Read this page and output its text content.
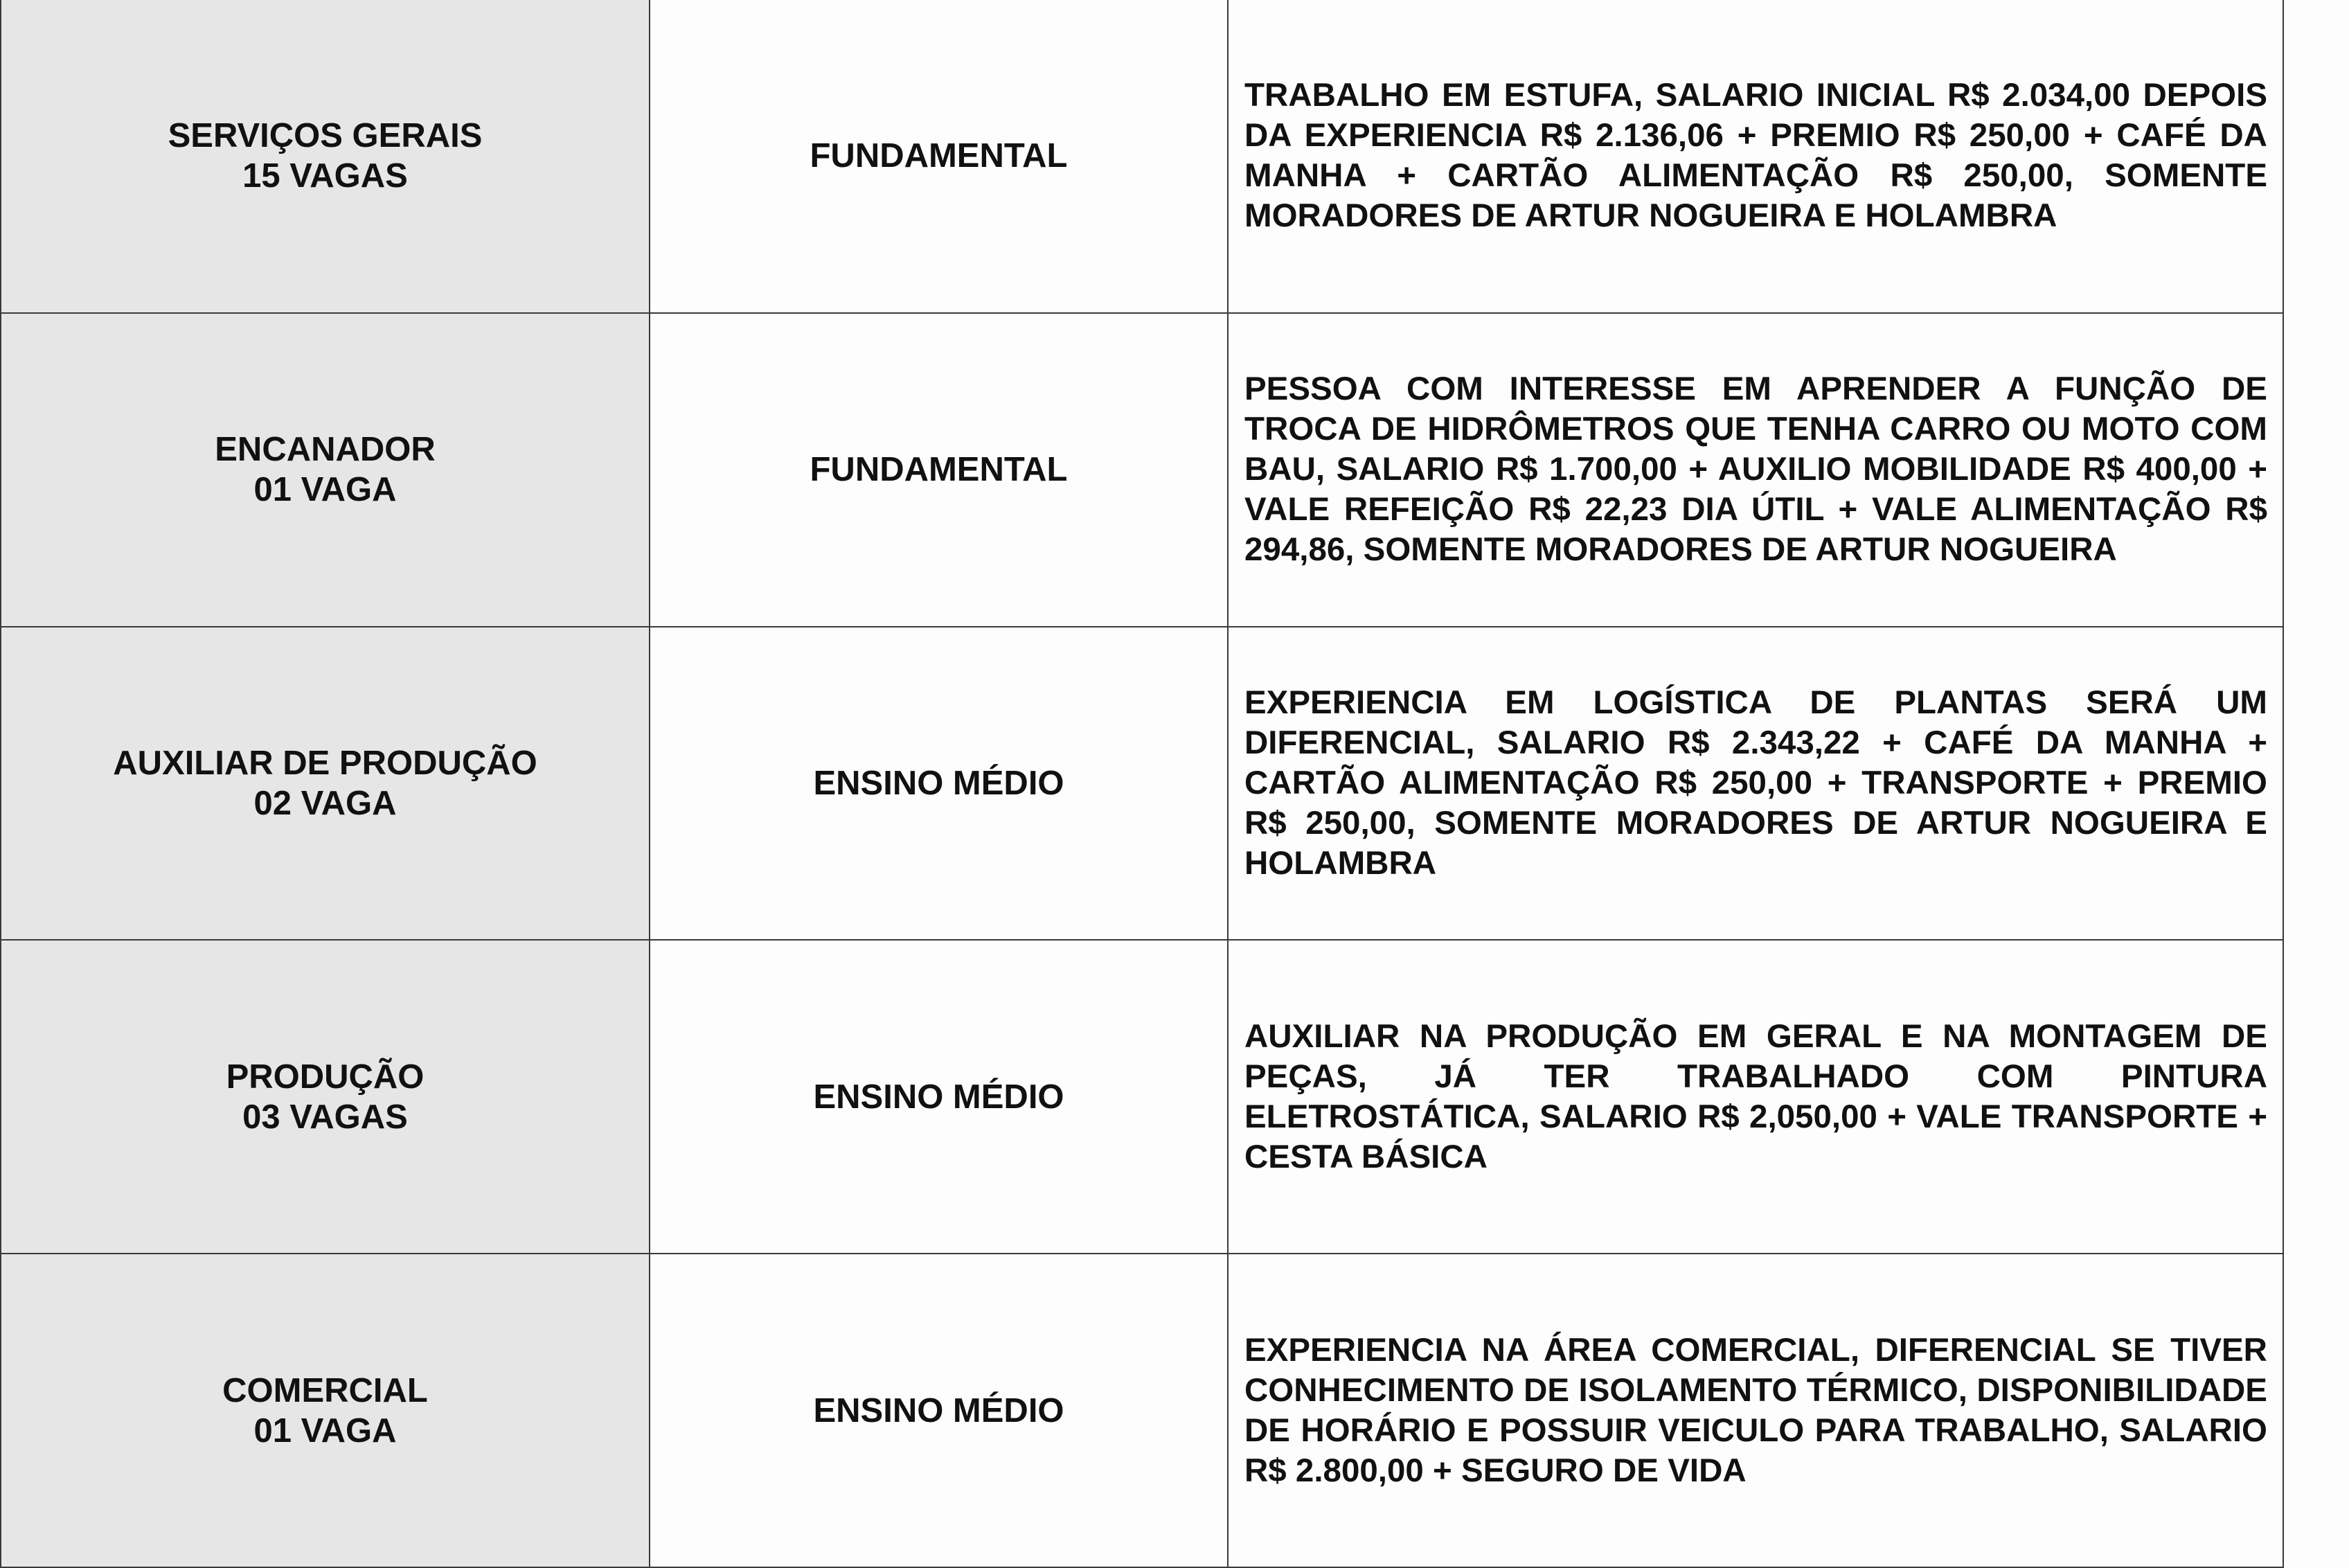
SERVIÇOS GERAIS
15 VAGAS	FUNDAMENTAL	TRABALHO EM ESTUFA, SALARIO INICIAL R$ 2.034,00 DEPOIS DA EXPERIENCIA R$ 2.136,06 + PREMIO R$ 250,00 + CAFÉ DA MANHA + CARTÃO ALIMENTAÇÃO R$ 250,00, SOMENTE MORADORES DE ARTUR NOGUEIRA E HOLAMBRA

ENCANADOR
01 VAGA	FUNDAMENTAL	PESSOA COM INTERESSE EM APRENDER A FUNÇÃO DE TROCA DE HIDRÔMETROS QUE TENHA CARRO OU MOTO COM BAU, SALARIO R$ 1.700,00 + AUXILIO MOBILIDADE R$ 400,00 + VALE REFEIÇÃO R$ 22,23 DIA ÚTIL + VALE ALIMENTAÇÃO R$ 294,86, SOMENTE MORADORES DE ARTUR NOGUEIRA

AUXILIAR DE PRODUÇÃO
02 VAGA	ENSINO MÉDIO	EXPERIENCIA EM LOGÍSTICA DE PLANTAS SERÁ UM DIFERENCIAL, SALARIO R$ 2.343,22 + CAFÉ DA MANHA + CARTÃO ALIMENTAÇÃO R$ 250,00 + TRANSPORTE + PREMIO R$ 250,00, SOMENTE MORADORES DE ARTUR NOGUEIRA E HOLAMBRA

PRODUÇÃO
03 VAGAS	ENSINO MÉDIO	AUXILIAR NA PRODUÇÃO EM GERAL E NA MONTAGEM DE PEÇAS, JÁ TER TRABALHADO COM PINTURA ELETROSTÁTICA, SALARIO R$ 2,050,00 + VALE TRANSPORTE + CESTA BÁSICA

COMERCIAL
01 VAGA	ENSINO MÉDIO	EXPERIENCIA NA ÁREA COMERCIAL, DIFERENCIAL SE TIVER CONHECIMENTO DE ISOLAMENTO TÉRMICO, DISPONIBILIDADE DE HORÁRIO E POSSUIR VEICULO PARA TRABALHO, SALARIO R$ 2.800,00 + SEGURO DE VIDA
